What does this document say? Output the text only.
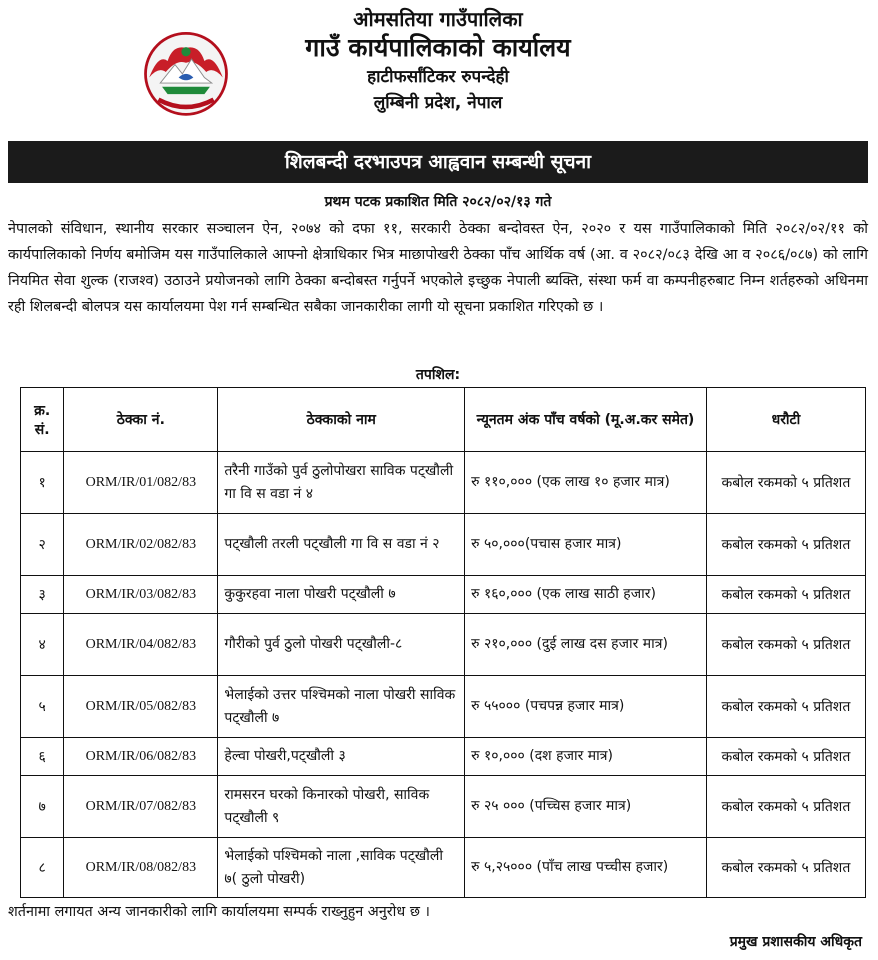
ओमसतिया गाउँपालिका
गाउँ कार्यपालिकाको कार्यालय
हाटीफर्सांटिकर रुपन्देही
लुम्बिनी प्रदेश, नेपाल
शिलबन्दी दरभाउपत्र आह्ववान सम्बन्धी सूचना
प्रथम पटक प्रकाशित मिति २०८२/०२/१३ गते
नेपालको संविधान, स्थानीय सरकार सञ्चालन ऐन, २०७४ को दफा ११, सरकारी ठेक्का बन्दोवस्त ऐन, २०२० र यस गाउँपालिकाको मिति २०८२/०२/११ को कार्यपालिकाको निर्णय बमोजिम यस गाउँपालिकाले आफ्नो क्षेत्राधिकार भित्र माछापोखरी ठेक्का पाँच आर्थिक वर्ष (आ. व २०८२/०८३ देखि आ व २०८६/०८७) को लागि नियमित सेवा शुल्क (राजश्व) उठाउने प्रयोजनको लागि ठेक्का बन्दोबस्त गर्नुपर्ने भएकोले इच्छुक नेपाली ब्यक्ति, संस्था फर्म वा कम्पनीहरुबाट निम्न शर्तहरुको अधिनमा रही शिलबन्दी बोलपत्र यस कार्यालयमा पेश गर्न सम्बन्धित सबैका जानकारीका लागी यो सूचना प्रकाशित गरिएको छ ।
तपशिल:
क्र. सं.	ठेक्का नं.	ठेक्काको नाम	न्यूनतम अंक पाँच वर्षको (मू.अ.कर समेत)	धरौटी
१	ORM/IR/01/082/83	तरैनी गाउँको पुर्व ठुलोपोखरा साविक पट्खौली गा वि स वडा नं ४	रु ११०,००० (एक लाख १० हजार मात्र)	कबोल रकमको ५ प्रतिशत
२	ORM/IR/02/082/83	पट्खौली तरली पट्खौली गा वि स वडा नं २	रु ५०,०००(पचास हजार मात्र)	कबोल रकमको ५ प्रतिशत
३	ORM/IR/03/082/83	कुकुरहवा नाला पोखरी पट्खौली ७	रु १६०,००० (एक लाख साठी हजार)	कबोल रकमको ५ प्रतिशत
४	ORM/IR/04/082/83	गौरीको पुर्व ठुलो पोखरी पट्खौली-८	रु २१०,००० (दुई लाख दस हजार मात्र)	कबोल रकमको ५ प्रतिशत
५	ORM/IR/05/082/83	भेलाईको उत्तर पश्चिमको नाला पोखरी साविक पट्खौली ७	रु ५५००० (पचपन्न हजार मात्र)	कबोल रकमको ५ प्रतिशत
६	ORM/IR/06/082/83	हेल्वा पोखरी,पट्खौली ३	रु १०,००० (दश हजार मात्र)	कबोल रकमको ५ प्रतिशत
७	ORM/IR/07/082/83	रामसरन घरको किनारको पोखरी, साविक पट्खौली ९	रु २५ ००० (पच्चिस हजार मात्र)	कबोल रकमको ५ प्रतिशत
८	ORM/IR/08/082/83	भेलाईको पश्चिमको नाला ,साविक पट्खौली ७( ठुलो पोखरी)	रु ५,२५००० (पाँच लाख पच्चीस हजार)	कबोल रकमको ५ प्रतिशत
शर्तनामा लगायत अन्य जानकारीको लागि कार्यालयमा सम्पर्क राख्नुहुन अनुरोध छ ।
प्रमुख प्रशासकीय अधिकृत
